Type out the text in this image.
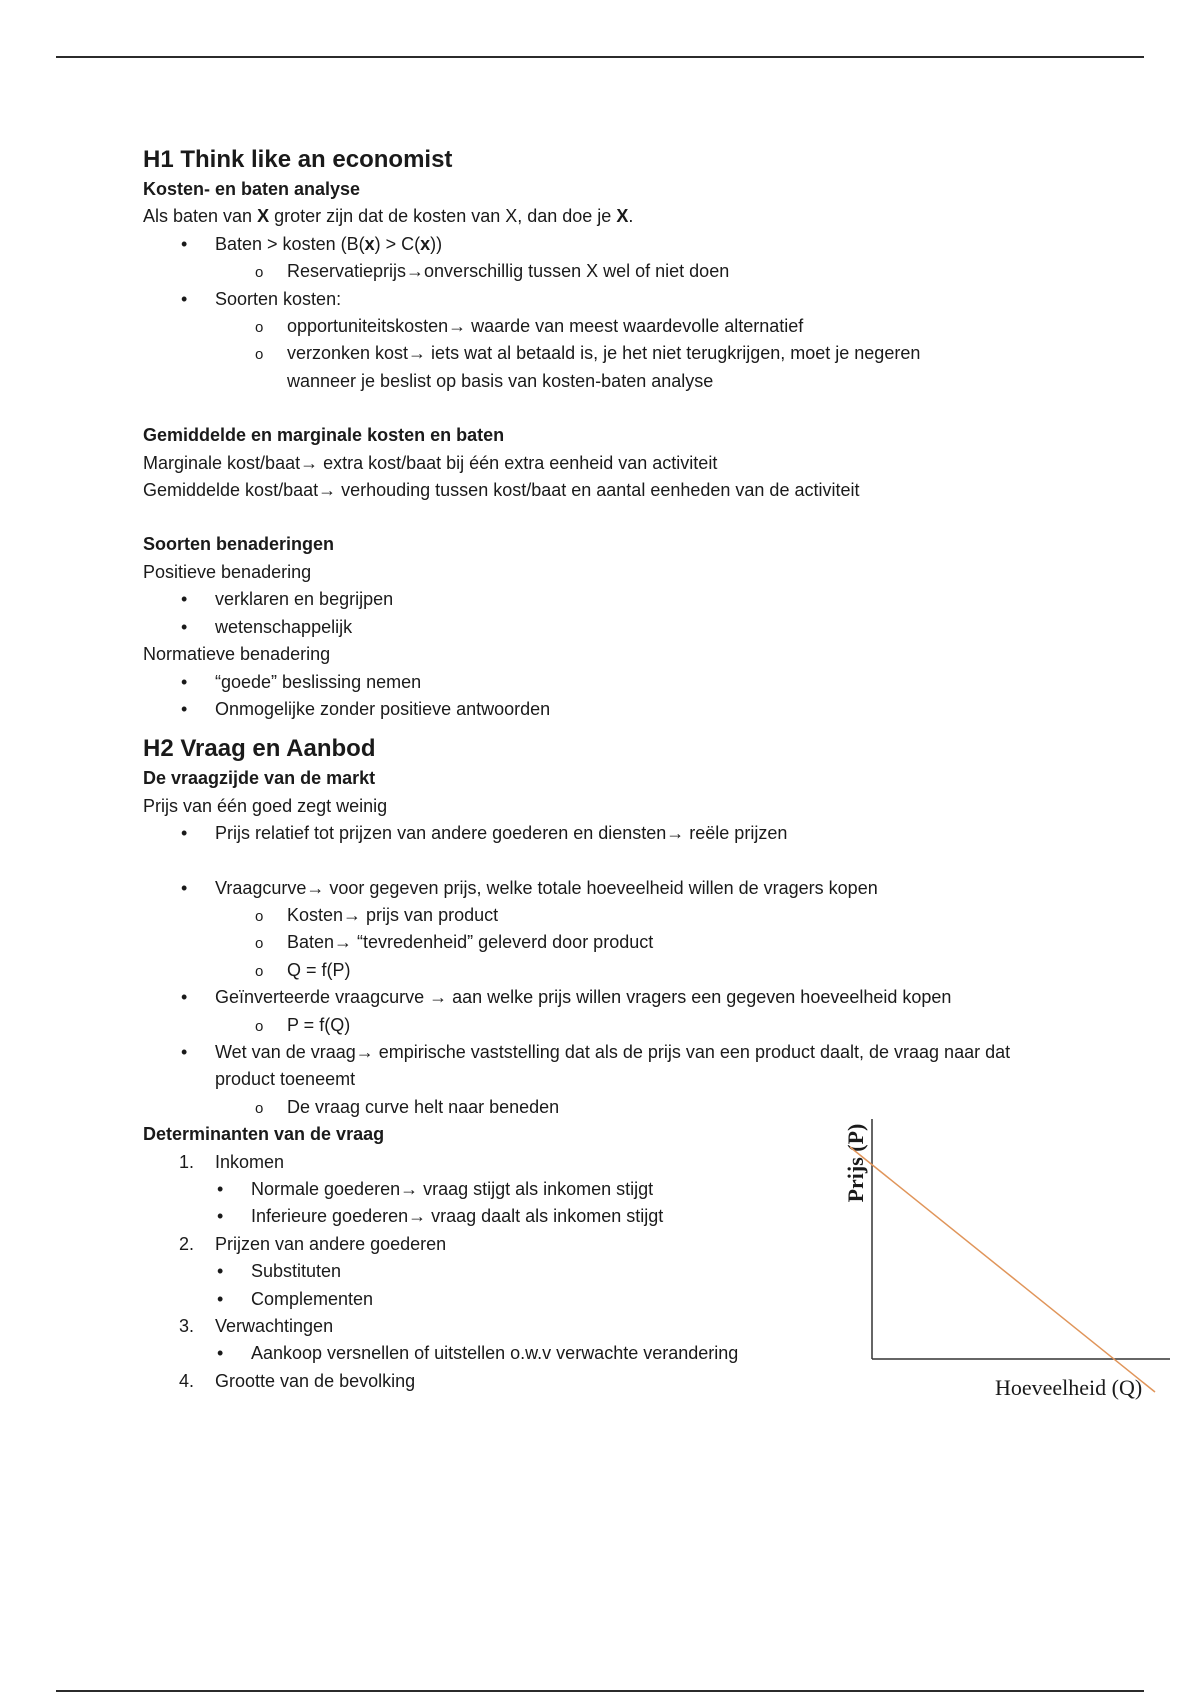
H1 Think like an economist
Kosten- en baten analyse

Als baten van X groter zijn dat de kosten van X, dan doe je X.

• Baten > kosten (B(x) > C(x))
o Reservatieprijs→onverschillig tussen X wel of niet doen
• Soorten kosten:
o opportuniteitskosten→ waarde van meest waardevolle alternatief
o verzonken kost→ iets wat al betaald is, je het niet terugkrijgen, moet je negeren wanneer je beslist op basis van kosten-baten analyse
Gemiddelde en marginale kosten en baten

Marginale kost/baat→ extra kost/baat bij één extra eenheid van activiteit

Gemiddelde kost/baat→ verhouding tussen kost/baat en aantal eenheden van de activiteit

Soorten benaderingen

Positieve benadering

• verklaren en begrijpen
• wetenschappelijk

Normatieve benadering

• “goede” beslissing nemen
• Onmogelijke zonder positieve antwoorden
H2 Vraag en Aanbod
De vraagzijde van de markt

Prijs van één goed zegt weinig

• Prijs relatief tot prijzen van andere goederen en diensten→ reële prijzen
• Vraagcurve→ voor gegeven prijs, welke totale hoeveelheid willen de vragers kopen
o Kosten→ prijs van product
o Baten→ “tevredenheid” geleverd door product
o Q = f(P)
• Geïnverteerde vraagcurve → aan welke prijs willen vragers een gegeven hoeveelheid kopen
o P = f(Q)
• Wet van de vraag→ empirische vaststelling dat als de prijs van een product daalt, de vraag naar dat product toeneemt
o De vraag curve helt naar beneden
Determinanten van de vraag
1. Inkomen
• Normale goederen→ vraag stijgt als inkomen stijgt
• Inferieure goederen→ vraag daalt als inkomen stijgt
2. Prijzen van andere goederen
• Substituten
• Complementen
3. Verwachtingen
• Aankoop versnellen of uitstellen o.w.v verwachte verandering
4. Grootte van de bevolking
Prijs (P)
Hoeveelheid (Q)
